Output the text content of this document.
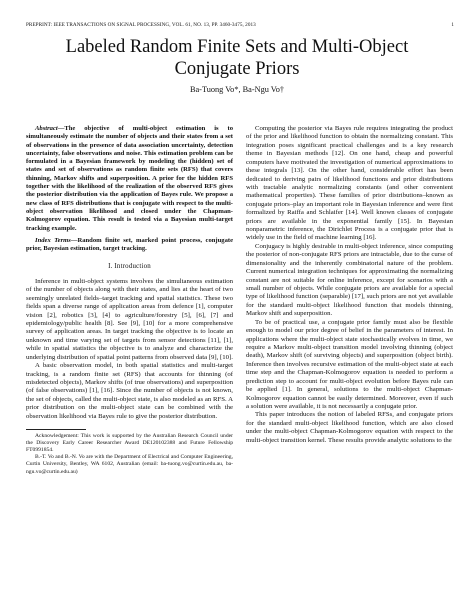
PREPRINT: IEEE TRANSACTIONS ON SIGNAL PROCESSING, VOL. 61, NO. 13, PP. 3460-3475, 2013	1
Labeled Random Finite Sets and Multi-Object Conjugate Priors
Ba-Tuong Vo*, Ba-Ngu Vo†

Abstract—The objective of multi-object estimation is to simultaneously estimate the number of objects and their states from a set of observations in the presence of data association uncertainty, detection uncertainty, false observations and noise. This estimation problem can be formulated in a Bayesian framework by modeling the (hidden) set of states and set of observations as random finite sets (RFS) that covers thinning, Markov shifts and superposition. A prior for the hidden RFS together with the likelihood of the realization of the observed RFS gives the posterior distribution via the application of Bayes rule. We propose a new class of RFS distributions that is conjugate with respect to the multi-object observation likelihood and closed under the Chapman-Kolmogorov equation. This result is tested via a Bayesian multi-target tracking example.

Index Terms—Random finite set, marked point process, conjugate prior, Bayesian estimation, target tracking.

I. Introduction

Inference in multi-object systems involves the simultaneous estimation of the number of objects along with their states, and lies at the heart of two seemingly unrelated fields–target tracking and spatial statistics. These two fields span a diverse range of application areas from defence [1], computer vision [2], robotics [3], [4] to agriculture/forestry [5], [6], [7] and epidemiology/public health [8]. See [9], [10] for a more comprehensive survey of application areas. In target tracking the objective is to locate an unknown and time varying set of targets from sensor detections [11], [1], while in spatial statistics the objective is to analyze and characterize the underlying distribution of spatial point patterns from observed data [9], [10].

A basic observation model, in both spatial statistics and multi-target tracking, is a random finite set (RFS) that accounts for thinning (of misdetected objects), Markov shifts (of true observations) and superposition (of false observations) [1], [16]. Since the number of objects is not known, the set of objects, called the multi-object state, is also modeled as an RFS. A prior distribution on the multi-object state can be combined with the observation likelihood via Bayes rule to give the posterior distribution.

Acknowledgement: This work is supported by the Australian Research Council under the Discovery Early Career Researcher Award DE120102388 and Future Fellowship FT0991854.

B.-T. Vo and B.-N. Vo are with the Department of Electrical and Computer Engineering, Curtin University, Bentley, WA 6102, Australian (email: ba-tuong.vo@curtin.edu.au, ba-ngu.vo@curtin.edu.au)

Computing the posterior via Bayes rule requires integrating the product of the prior and likelihood function to obtain the normalizing constant. This integration poses significant practical challenges and is a key research theme in Bayesian methods [12]. On one hand, cheap and powerful computers have motivated the investigation of numerical approximations to these integrals [13]. On the other hand, considerable effort has been dedicated to deriving pairs of likelihood functions and prior distributions with tractable analytic normalizing constants (and other convenient mathematical properties). These families of prior distributions–known as conjugate priors–play an important role in Bayesian inference and were first formalized by Raiffa and Schlaifer [14]. Well known classes of conjugate priors are available in the exponential family [15]. In Bayesian nonparametric inference, the Dirichlet Process is a conjugate prior that is widely use in the field of machine learning [16].

Conjugacy is highly desirable in multi-object inference, since computing the posterior of non-conjugate RFS priors are intractable, due to the curse of dimensionality and the inherently combinatorial nature of the problem. Current numerical integration techniques for approximating the normalizing constant are not suitable for online inference, except for scenarios with a small number of objects. While conjugate priors are available for a special type of likelihood function (separable) [17], such priors are not yet available for the standard multi-object likelihood function that models thinning, Markov shift and superposition.

To be of practical use, a conjugate prior family must also be flexible enough to model our prior degree of belief in the parameters of interest. In applications where the multi-object state stochastically evolves in time, we require a Markov multi-object transition model involving thinning (object death), Markov shift (of surviving objects) and superposition (object birth). Inference then involves recursive estimation of the multi-object state at each time step and the Chapman-Kolmogorov equation is needed to perform a prediction step to account for multi-object evolution before Bayes rule can be applied [1]. In general, solutions to the multi-object Chapman-Kolmogorov equation cannot be easily determined. Moreover, even if such a solution were available, it is not necessarily a conjugate prior.

This paper introduces the notion of labeled RFSs, and conjugate priors for the standard multi-object likelihood function, which are also closed under the multi-object Chapman-Kolmogorov equation with respect to the multi-object transition kernel. These results provide analytic solutions to the
